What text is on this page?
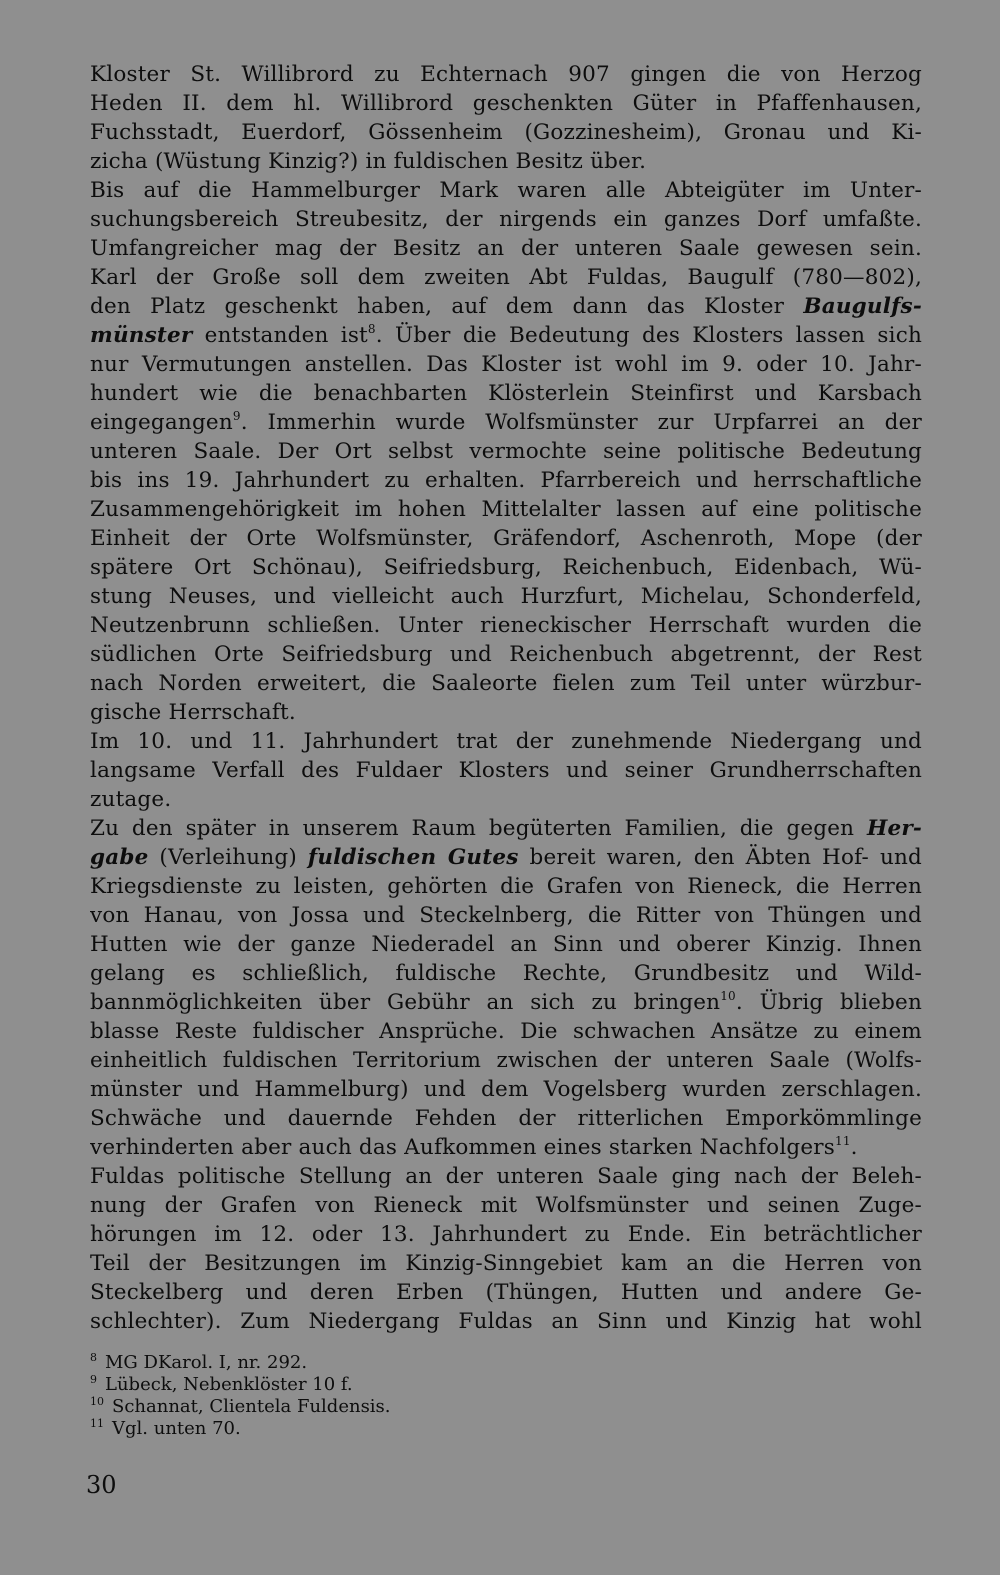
Kloster St. Willibrord zu Echternach 907 gingen die von Herzog
Heden II. dem hl. Willibrord geschenkten Güter in Pfaffenhausen,
Fuchsstadt, Euerdorf, Gössenheim (Gozzinesheim), Gronau und Ki-
zicha (Wüstung Kinzig?) in fuldischen Besitz über.

Bis auf die Hammelburger Mark waren alle Abteigüter im Unter-
suchungsbereich Streubesitz, der nirgends ein ganzes Dorf umfaßte.
Umfangreicher mag der Besitz an der unteren Saale gewesen sein.
Karl der Große soll dem zweiten Abt Fuldas, Baugulf (780—802),
den Platz geschenkt haben, auf dem dann das Kloster Baugulfs-
münster entstanden ist$^8$. Über die Bedeutung des Klosters lassen sich
nur Vermutungen anstellen. Das Kloster ist wohl im 9. oder 10. Jahr-
hundert wie die benachbarten Klösterlein Steinfirst und Karsbach
eingegangen$^9$. Immerhin wurde Wolfsmünster zur Urpfarrei an der
unteren Saale. Der Ort selbst vermochte seine politische Bedeutung
bis ins 19. Jahrhundert zu erhalten. Pfarrbereich und herrschaftliche
Zusammengehörigkeit im hohen Mittelalter lassen auf eine politische
Einheit der Orte Wolfsmünster, Gräfendorf, Aschenroth, Mope (der
spätere Ort Schönau), Seifriedsburg, Reichenbuch, Eidenbach, Wü-
stung Neuses, und vielleicht auch Hurzfurt, Michelau, Schonderfeld,
Neutzenbrunn schließen. Unter rieneckischer Herrschaft wurden die
südlichen Orte Seifriedsburg und Reichenbuch abgetrennt, der Rest
nach Norden erweitert, die Saaleorte fielen zum Teil unter würzbur-
gische Herrschaft.

Im 10. und 11. Jahrhundert trat der zunehmende Niedergang und
langsame Verfall des Fuldaer Klosters und seiner Grundherrschaften
zutage.

Zu den später in unserem Raum begüterten Familien, die gegen Her-
gabe (Verleihung) fuldischen Gutes bereit waren, den Äbten Hof- und
Kriegsdienste zu leisten, gehörten die Grafen von Rieneck, die Herren
von Hanau, von Jossa und Steckelnberg, die Ritter von Thüngen und
Hutten wie der ganze Niederadel an Sinn und oberer Kinzig. Ihnen
gelang es schließlich, fuldische Rechte, Grundbesitz und Wild-
bannmöglichkeiten über Gebühr an sich zu bringen$^{10}$. Übrig blieben
blasse Reste fuldischer Ansprüche. Die schwachen Ansätze zu einem
einheitlich fuldischen Territorium zwischen der unteren Saale (Wolfs-
münster und Hammelburg) und dem Vogelsberg wurden zerschlagen.
Schwäche und dauernde Fehden der ritterlichen Emporkömmlinge
verhinderten aber auch das Aufkommen eines starken Nachfolgers$^{11}$.

Fuldas politische Stellung an der unteren Saale ging nach der Beleh-
nung der Grafen von Rieneck mit Wolfsmünster und seinen Zuge-
hörungen im 12. oder 13. Jahrhundert zu Ende. Ein beträchtlicher
Teil der Besitzungen im Kinzig-Sinngebiet kam an die Herren von
Steckelberg und deren Erben (Thüngen, Hutten und andere Ge-
schlechter). Zum Niedergang Fuldas an Sinn und Kinzig hat wohl

$^8$ MG DKarol. I, nr. 292.
$^9$ Lübeck, Nebenklöster 10 f.
$^{10}$ Schannat, Clientela Fuldensis.
$^{11}$ Vgl. unten 70.
30
